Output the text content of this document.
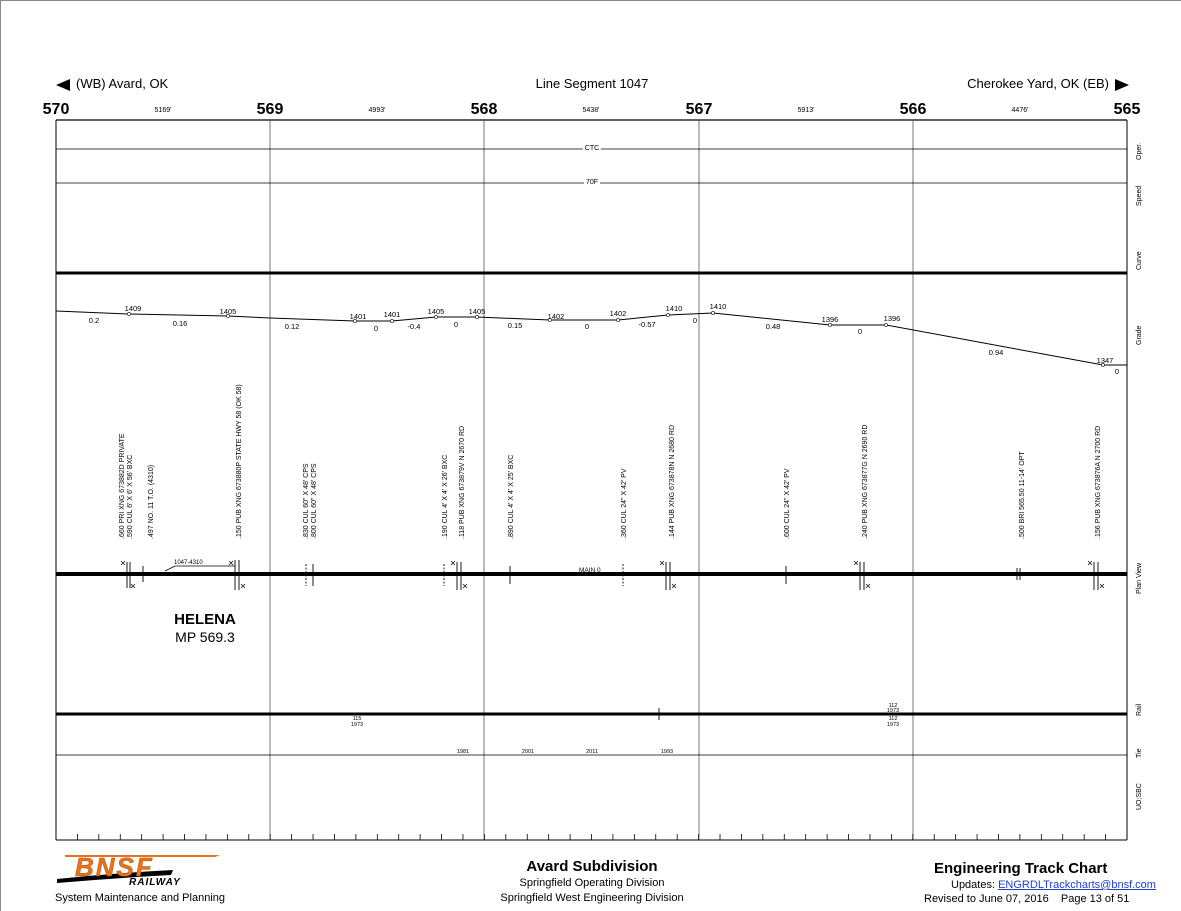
(WB) Avard, OK	Line Segment 1047	Cherokee Yard, OK (EB)
570	569	568	567	566	565
5169'	4993'	5438'	5913'	4476'
CTC
70F
Oper.
Speed
Curve
Grade
Plan View
Rail
Tie
UO;SBC
1409	1405
1401 1401	1405	1405
1402	1402
1410	1410
1396	1396
1347
0.2	0.16	0.12	0	-0.4	0	0.15	0	-0.57	0
0.48
0
0.94
0
.660 PRI XNG 673882D PRIVATE .590 CUL 6' X 6' X 56' BXC .497 NO. 11 T.O. (4310)	.150 PUB XNG 673880P STATE HWY 58 (OK 58)	.830 CUL 60" X 48' CPS .800 CUL 60" X 48' CPS	.190 CUL 4' X 4' X 26' BXC .118 PUB XNG 673879V N 2670 RD	.890 CUL 4' X 4' X 25' BXC	.360 CUL 24" X 42' PV	.144 PUB XNG 673878N N 2680 RD	.600 CUL 24" X 42' PV	.240 PUB XNG 673877G N 2690 RD	.500 BRI 565.50 11-14' OPT	.156 PUB XNG 673876A N 2700 RD
1047-4310
MAIN 0
HELENA
MP 569.3
115
1973
112
1973
112
1973
1981	2001	2011	1993
BNSF
RAILWAY
System Maintenance and Planning
Avard Subdivision
Springfield Operating Division
Springfield West Engineering Division
Engineering Track Chart
Updates: ENGRDLTrackcharts@bnsf.com
Revised to June 07, 2016 Page 13 of 51
